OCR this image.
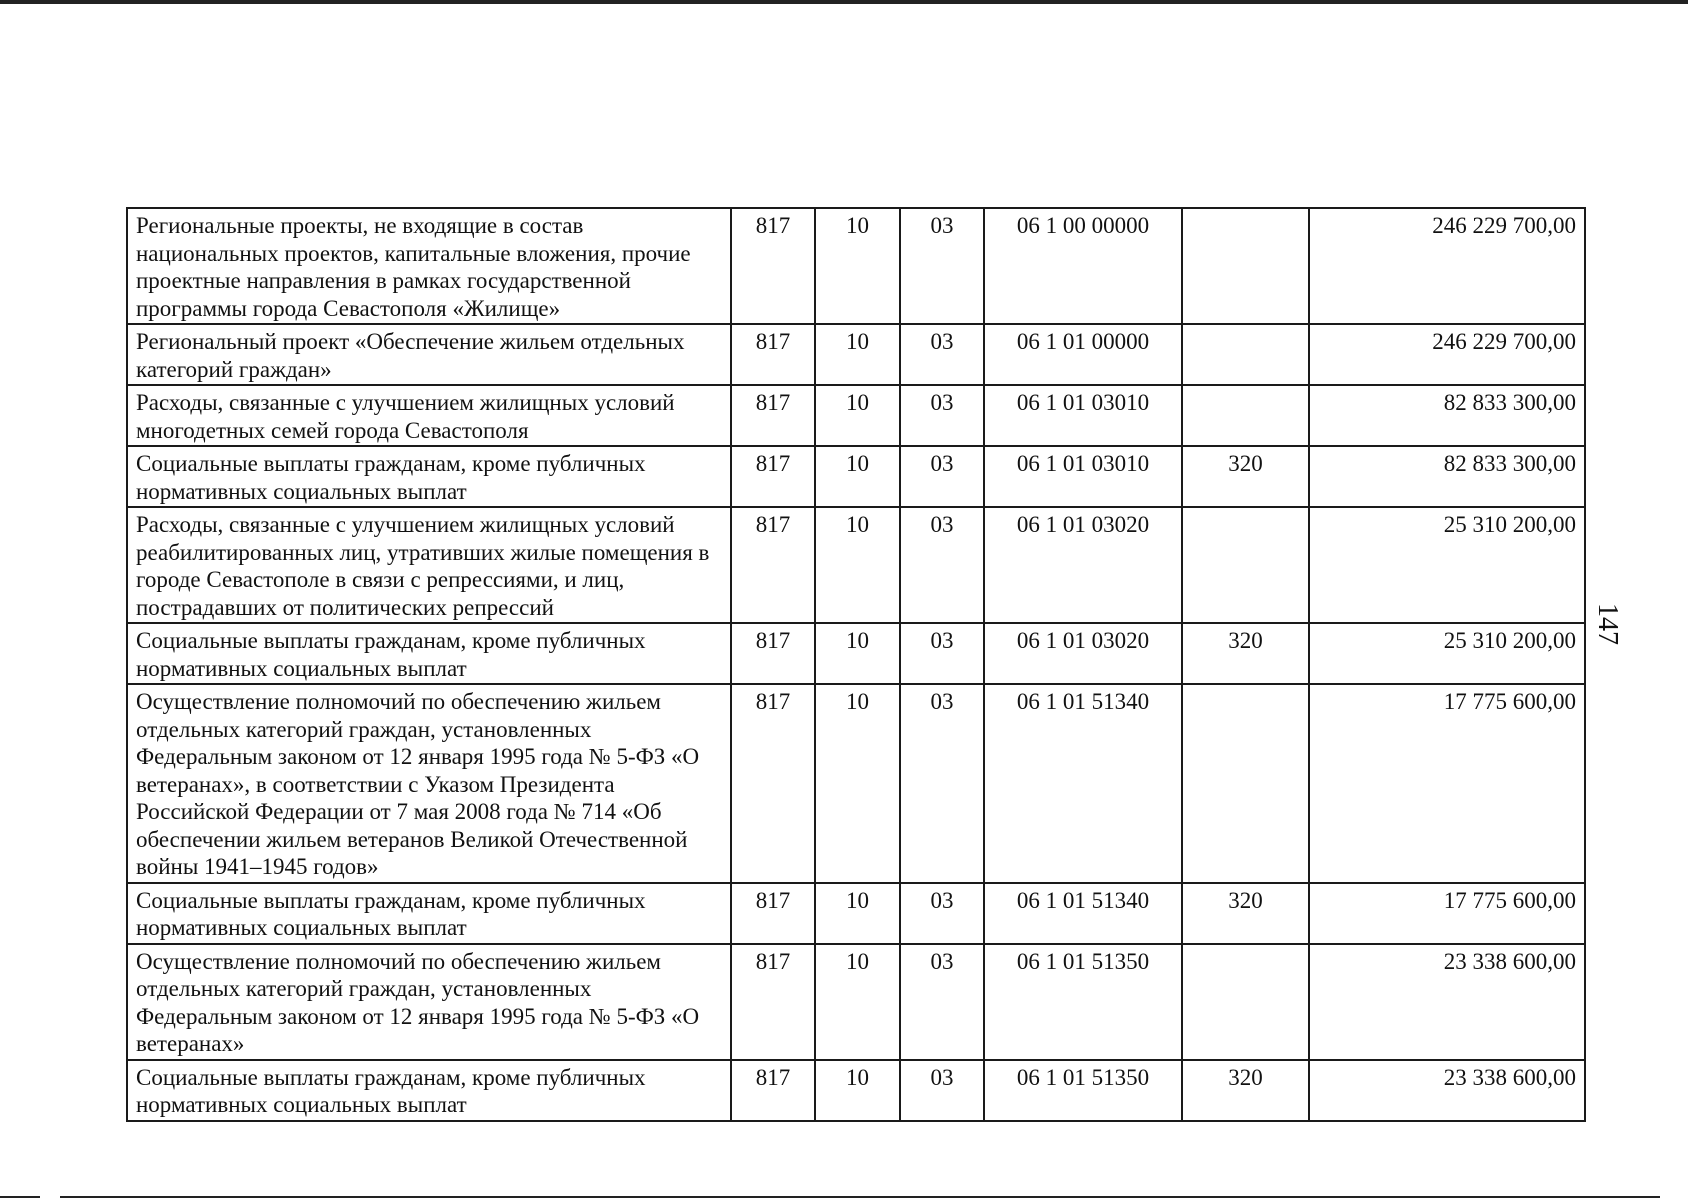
Региональные проекты, не входящие в состав национальных проектов, капитальные вложения, прочие проектные направления в рамках государственной программы города Севастополя «Жилище»	817	10	03	06 1 00 00000		246 229 700,00
Региональный проект «Обеспечение жильем отдельных категорий граждан»	817	10	03	06 1 01 00000		246 229 700,00
Расходы, связанные с улучшением жилищных условий многодетных семей города Севастополя	817	10	03	06 1 01 03010		82 833 300,00
Социальные выплаты гражданам, кроме публичных нормативных социальных выплат	817	10	03	06 1 01 03010	320	82 833 300,00
Расходы, связанные с улучшением жилищных условий реабилитированных лиц, утративших жилые помещения в городе Севастополе в связи с репрессиями, и лиц, пострадавших от политических репрессий	817	10	03	06 1 01 03020		25 310 200,00
Социальные выплаты гражданам, кроме публичных нормативных социальных выплат	817	10	03	06 1 01 03020	320	25 310 200,00
Осуществление полномочий по обеспечению жильем отдельных категорий граждан, установленных Федеральным законом от 12 января 1995 года № 5-ФЗ «О ветеранах», в соответствии с Указом Президента Российской Федерации от 7 мая 2008 года № 714 «Об обеспечении жильем ветеранов Великой Отечественной войны 1941–1945 годов»	817	10	03	06 1 01 51340		17 775 600,00
Социальные выплаты гражданам, кроме публичных нормативных социальных выплат	817	10	03	06 1 01 51340	320	17 775 600,00
Осуществление полномочий по обеспечению жильем отдельных категорий граждан, установленных Федеральным законом от 12 января 1995 года № 5-ФЗ «О ветеранах»	817	10	03	06 1 01 51350		23 338 600,00
Социальные выплаты гражданам, кроме публичных нормативных социальных выплат	817	10	03	06 1 01 51350	320	23 338 600,00
147
